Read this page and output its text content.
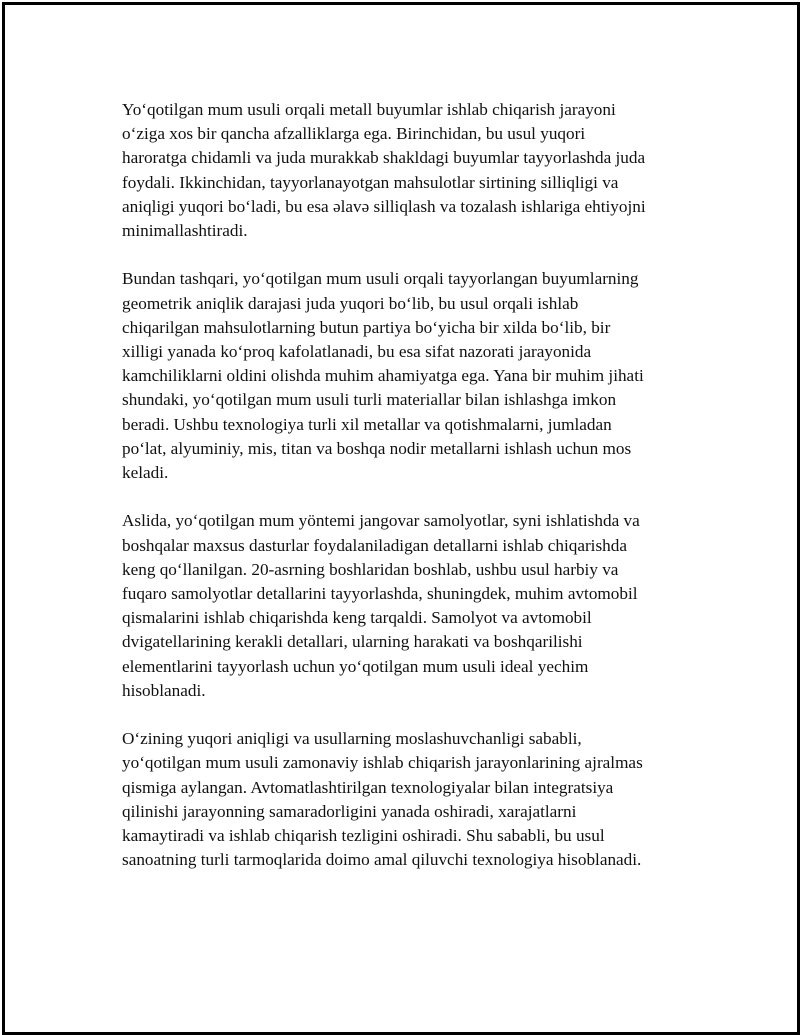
Yo‘qotilgan mum usuli orqali metall buyumlar ishlab chiqarish jarayoni
o‘ziga xos bir qancha afzalliklarga ega. Birinchidan, bu usul yuqori
haroratga chidamli va juda murakkab shakldagi buyumlar tayyorlashda juda
foydali. Ikkinchidan, tayyorlanayotgan mahsulotlar sirtining silliqligi va
aniqligi yuqori bo‘ladi, bu esa əlavə silliqlash va tozalash ishlariga ehtiyojni
minimallashtiradi.

Bundan tashqari, yo‘qotilgan mum usuli orqali tayyorlangan buyumlarning
geometrik aniqlik darajasi juda yuqori bo‘lib, bu usul orqali ishlab
chiqarilgan mahsulotlarning butun partiya bo‘yicha bir xilda bo‘lib, bir
xilligi yanada ko‘proq kafolatlanadi, bu esa sifat nazorati jarayonida
kamchiliklarni oldini olishda muhim ahamiyatga ega. Yana bir muhim jihati
shundaki, yo‘qotilgan mum usuli turli materiallar bilan ishlashga imkon
beradi. Ushbu texnologiya turli xil metallar va qotishmalarni, jumladan
po‘lat, alyuminiy, mis, titan va boshqa nodir metallarni ishlash uchun mos
keladi.

Aslida, yo‘qotilgan mum yöntemi jangovar samolyotlar, syni ishlatishda va
boshqalar maxsus dasturlar foydalaniladigan detallarni ishlab chiqarishda
keng qo‘llanilgan. 20-asrning boshlaridan boshlab, ushbu usul harbiy va
fuqaro samolyotlar detallarini tayyorlashda, shuningdek, muhim avtomobil
qismalarini ishlab chiqarishda keng tarqaldi. Samolyot va avtomobil
dvigatellarining kerakli detallari, ularning harakati va boshqarilishi
elementlarini tayyorlash uchun yo‘qotilgan mum usuli ideal yechim
hisoblanadi.

O‘zining yuqori aniqligi va usullarning moslashuvchanligi sababli,
yo‘qotilgan mum usuli zamonaviy ishlab chiqarish jarayonlarining ajralmas
qismiga aylangan. Avtomatlashtirilgan texnologiyalar bilan integratsiya
qilinishi jarayonning samaradorligini yanada oshiradi, xarajatlarni
kamaytiradi va ishlab chiqarish tezligini oshiradi. Shu sababli, bu usul
sanoatning turli tarmoqlarida doimo amal qiluvchi texnologiya hisoblanadi.
